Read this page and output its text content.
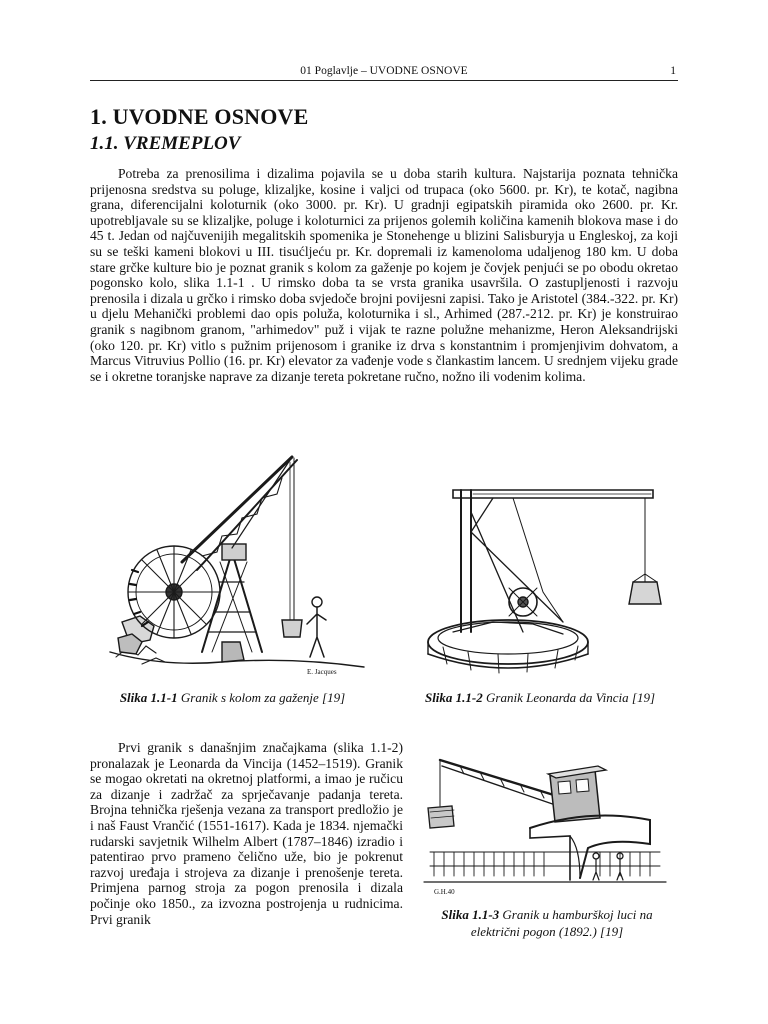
01 Poglavlje – UVODNE OSNOVE	1
1. UVODNE OSNOVE
1.1. VREMEPLOV

Potreba za prenosilima i dizalima pojavila se u doba starih kultura. Najstarija poznata tehnička prijenosna sredstva su poluge, klizaljke, kosine i valjci od trupaca (oko 5600. pr. Kr), te kotač, nagibna grana, diferencijalni koloturnik (oko 3000. pr. Kr). U gradnji egipatskih piramida oko 2600. pr. Kr. upotrebljavale su se klizaljke, poluge i koloturnici za prijenos golemih količina kamenih blokova mase i do 45 t. Jedan od najčuvenijih megalitskih spomenika je Stonehenge u blizini Salisburyja u Engleskoj, za koji su se teški kameni blokovi u III. tisućljeću pr. Kr. dopremali iz kamenoloma udaljenog 180 km. U doba stare grčke kulture bio je poznat granik s kolom za gaženje po kojem je čovjek penjući se po obodu okretao pogonsko kolo, slika 1.1-1 . U rimsko doba ta se vrsta granika usavršila. O zastupljenosti i razvoju prenosila i dizala u grčko i rimsko doba svjedoče brojni povijesni zapisi. Tako je Aristotel (384.-322. pr. Kr) u djelu Mehanički problemi dao opis poluža, koloturnika i sl., Arhimed (287.-212. pr. Kr) je konstruirao granik s nagibnom granom, "arhimedov" puž i vijak te razne polužne mehanizme, Heron Aleksandrijski (oko 120. pr. Kr) vitlo s pužnim prijenosom i granike iz drva s konstantnim i promjenjivim dohvatom, a Marcus Vitruvius Pollio (16. pr. Kr) elevator za vađenje vode s člankastim lancem. U srednjem vijeku grade se i okretne toranjske naprave za dizanje tereta pokretane ručno, nožno ili vodenim kolima.

E. Jacques
Slika 1.1-1 Granik s kolom za gaženje [19]	Slika 1.1-2 Granik Leonarda da Vincia [19]

Prvi granik s današnjim značajkama (slika 1.1-2) pronalazak je Leonarda da Vincija (1452–1519). Granik se mogao okretati na okretnoj platformi, a imao je ručicu za dizanje i zadržač za sprječavanje padanja tereta. Brojna tehnička rješenja vezana za transport predložio je i naš Faust Vrančić (1551-1617). Kada je 1834. njemački rudarski savjetnik Wilhelm Albert (1787–1846) izradio i patentirao prvo prameno čelično uže, bio je pokrenut razvoj uređaja i strojeva za dizanje i prenošenje tereta. Primjena parnog stroja za pogon prenosila i dizala počinje oko 1850., za izvozna postrojenja u rudnicima. Prvi granik

G.H.40
Slika 1.1-3 Granik u hamburškoj luci na električni pogon (1892.) [19]
